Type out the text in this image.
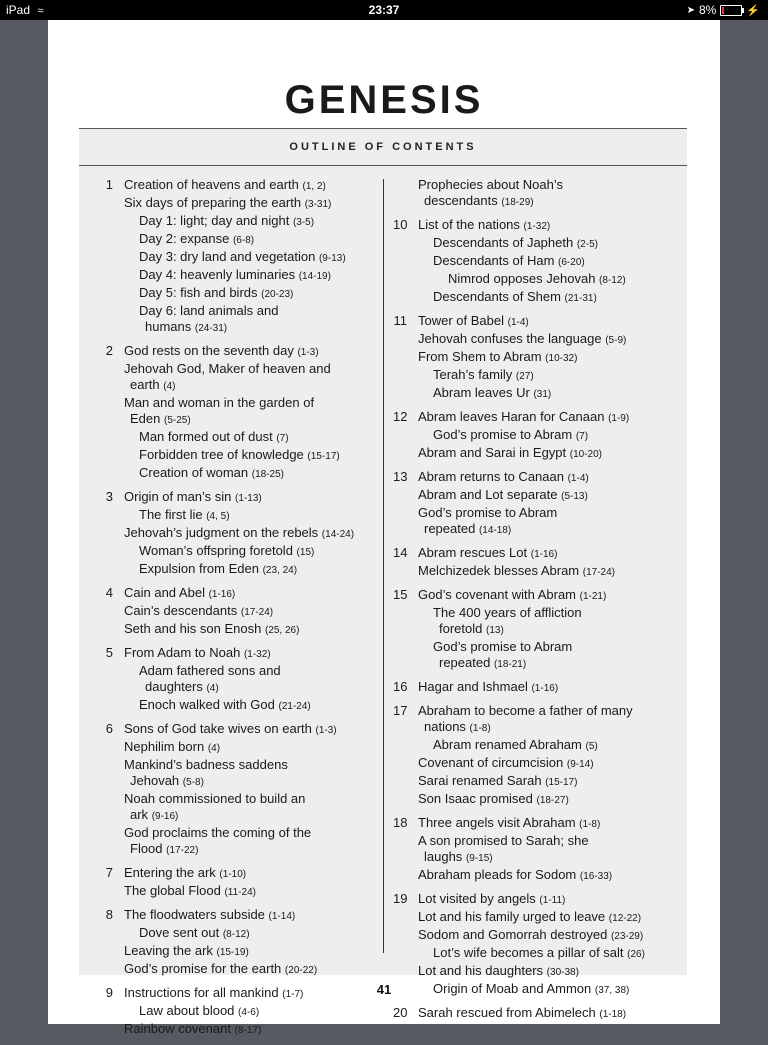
iPad ≈	23:37	➤ 8%	⚡
GENESIS
OUTLINE OF CONTENTS
1 Creation of heavens and earth (1, 2)
Six days of preparing the earth (3-31)
Day 1: light; day and night (3-5)
Day 2: expanse (6-8)
Day 3: dry land and vegetation (9-13)
Day 4: heavenly luminaries (14-19)
Day 5: fish and birds (20-23)
Day 6: land animals and
humans (24-31)
2 God rests on the seventh day (1-3)
Jehovah God, Maker of heaven and
earth (4)
Man and woman in the garden of
Eden (5-25)
Man formed out of dust (7)
Forbidden tree of knowledge (15-17)
Creation of woman (18-25)
3 Origin of man’s sin (1-13)
The first lie (4, 5)
Jehovah’s judgment on the rebels (14-24)
Woman’s offspring foretold (15)
Expulsion from Eden (23, 24)
4 Cain and Abel (1-16)
Cain’s descendants (17-24)
Seth and his son Enosh (25, 26)
5 From Adam to Noah (1-32)
Adam fathered sons and
daughters (4)
Enoch walked with God (21-24)
6 Sons of God take wives on earth (1-3)
Nephilim born (4)
Mankind’s badness saddens
Jehovah (5-8)
Noah commissioned to build an
ark (9-16)
God proclaims the coming of the
Flood (17-22)
7 Entering the ark (1-10)
The global Flood (11-24)
8 The floodwaters subside (1-14)
Dove sent out (8-12)
Leaving the ark (15-19)
God’s promise for the earth (20-22)
9 Instructions for all mankind (1-7)
Law about blood (4-6)
Rainbow covenant (8-17)
Prophecies about Noah’s
descendants (18-29)
10 List of the nations (1-32)
Descendants of Japheth (2-5)
Descendants of Ham (6-20)
Nimrod opposes Jehovah (8-12)
Descendants of Shem (21-31)
11 Tower of Babel (1-4)
Jehovah confuses the language (5-9)
From Shem to Abram (10-32)
Terah’s family (27)
Abram leaves Ur (31)
12 Abram leaves Haran for Canaan (1-9)
God’s promise to Abram (7)
Abram and Sarai in Egypt (10-20)
13 Abram returns to Canaan (1-4)
Abram and Lot separate (5-13)
God’s promise to Abram
repeated (14-18)
14 Abram rescues Lot (1-16)
Melchizedek blesses Abram (17-24)
15 God’s covenant with Abram (1-21)
The 400 years of affliction
foretold (13)
God’s promise to Abram
repeated (18-21)
16 Hagar and Ishmael (1-16)
17 Abraham to become a father of many
nations (1-8)
Abram renamed Abraham (5)
Covenant of circumcision (9-14)
Sarai renamed Sarah (15-17)
Son Isaac promised (18-27)
18 Three angels visit Abraham (1-8)
A son promised to Sarah; she
laughs (9-15)
Abraham pleads for Sodom (16-33)
19 Lot visited by angels (1-11)
Lot and his family urged to leave (12-22)
Sodom and Gomorrah destroyed (23-29)
Lot’s wife becomes a pillar of salt (26)
Lot and his daughters (30-38)
Origin of Moab and Ammon (37, 38)
20 Sarah rescued from Abimelech (1-18)
41
